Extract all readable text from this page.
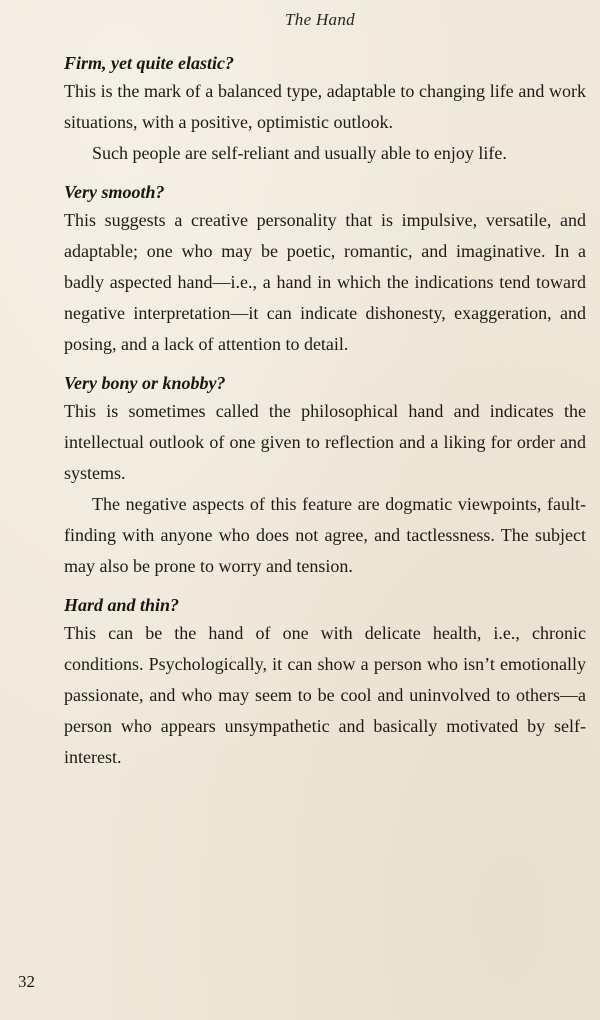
The Hand

Firm, yet quite elastic?

This is the mark of a balanced type, adaptable to changing life and work situations, with a positive, optimistic outlook.

Such people are self-reliant and usually able to enjoy life.

Very smooth?

This suggests a creative personality that is impulsive, versatile, and adaptable; one who may be poetic, romantic, and imaginative. In a badly aspected hand—i.e., a hand in which the indications tend toward negative interpretation—it can indicate dishonesty, exaggeration, and posing, and a lack of attention to detail.

Very bony or knobby?

This is sometimes called the philosophical hand and indicates the intellectual outlook of one given to reflection and a liking for order and systems.

The negative aspects of this feature are dogmatic viewpoints, fault-finding with anyone who does not agree, and tactlessness. The subject may also be prone to worry and tension.

Hard and thin?

This can be the hand of one with delicate health, i.e., chronic conditions. Psychologically, it can show a person who isn’t emotionally passionate, and who may seem to be cool and uninvolved to others—a person who appears unsympathetic and basically motivated by self-interest.

32
